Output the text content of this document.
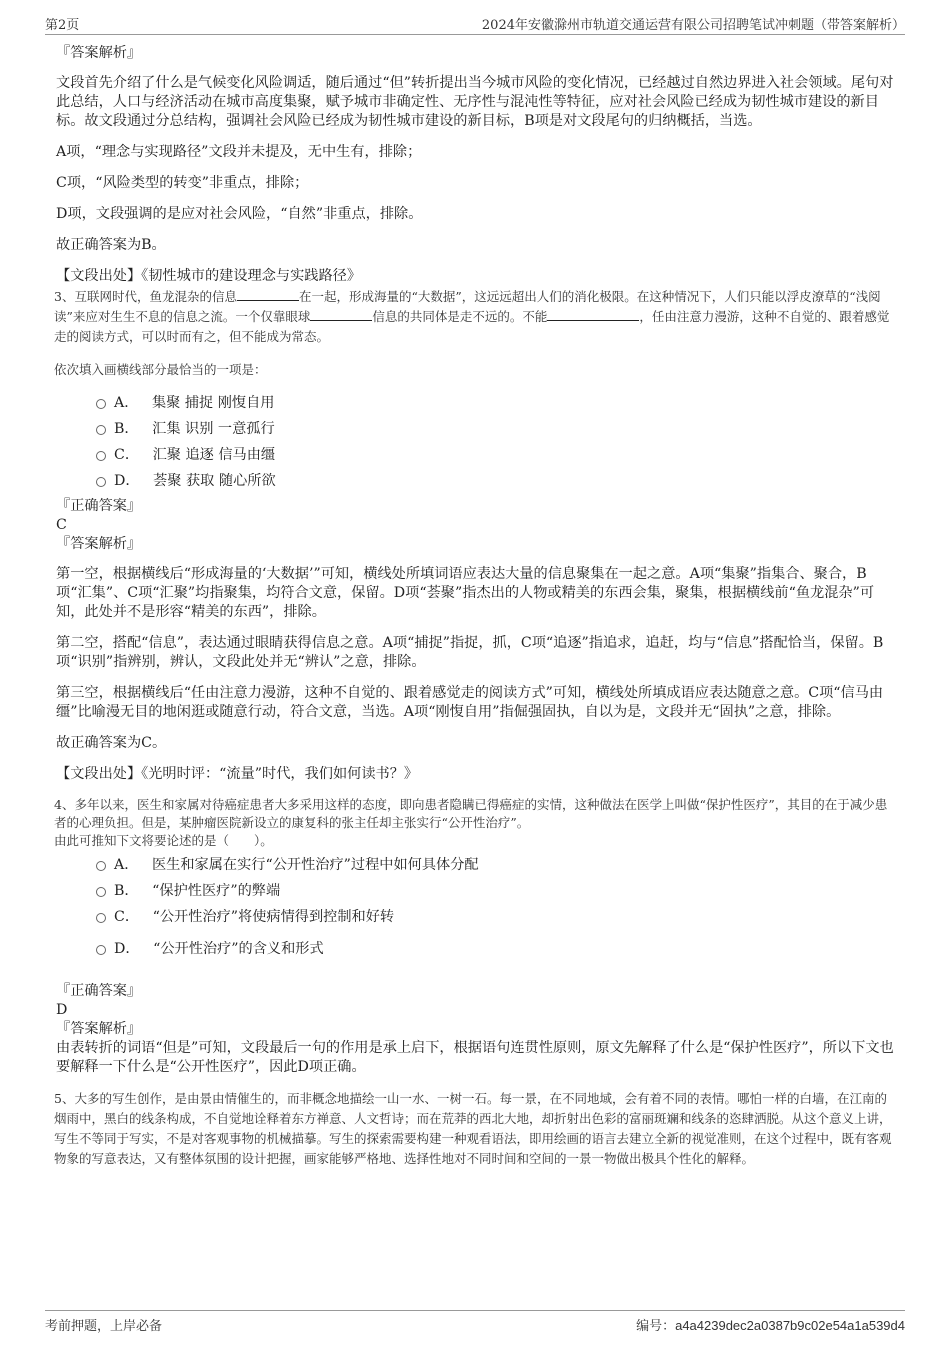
第2页	2024年安徽滁州市轨道交通运营有限公司招聘笔试冲刺题（带答案解析）
『答案解析』

文段首先介绍了什么是气候变化风险调适，随后通过“但”转折提出当今城市风险的变化情况，已经越过自然边界进入社会领域。尾句对此总结，人口与经济活动在城市高度集聚，赋予城市非确定性、无序性与混沌性等特征，应对社会风险已经成为韧性城市建设的新目标。故文段通过分总结构，强调社会风险已经成为韧性城市建设的新目标，B项是对文段尾句的归纳概括，当选。

A项，“理念与实现路径”文段并未提及，无中生有，排除；

C项，“风险类型的转变”非重点，排除；

D项，文段强调的是应对社会风险，“自然”非重点，排除。

故正确答案为B。

【文段出处】《韧性城市的建设理念与实践路径》

3、互联网时代，鱼龙混杂的信息	在一起，形成海量的“大数据”，这远远超出人们的消化极限。在这种情况下，人们只能以浮皮潦草的“浅阅读”来应对生生不息的信息之流。一个仅靠眼球	信息的共同体是走不远的。不能	，任由注意力漫游，这种不自觉的、跟着感觉走的阅读方式，可以时而有之，但不能成为常态。

依次填入画横线部分最恰当的一项是：

A． 集聚 捕捉 刚愎自用
B． 汇集 识别 一意孤行
C． 汇聚 追逐 信马由缰
D． 荟聚 获取 随心所欲
『正确答案』
C
『答案解析』

第一空，根据横线后“形成海量的‘大数据’”可知，横线处所填词语应表达大量的信息聚集在一起之意。A项“集聚”指集合、聚合，B项“汇集”、C项“汇聚”均指聚集，均符合文意，保留。D项“荟聚”指杰出的人物或精美的东西会集，聚集，根据横线前“鱼龙混杂”可知，此处并不是形容“精美的东西”，排除。

第二空，搭配“信息”，表达通过眼睛获得信息之意。A项“捕捉”指捉，抓，C项“追逐”指追求，追赶，均与“信息”搭配恰当，保留。B项“识别”指辨别，辨认，文段此处并无“辨认”之意，排除。

第三空，根据横线后“任由注意力漫游，这种不自觉的、跟着感觉走的阅读方式”可知，横线处所填成语应表达随意之意。C项“信马由缰”比喻漫无目的地闲逛或随意行动，符合文意，当选。A项“刚愎自用”指倔强固执，自以为是，文段并无“固执”之意，排除。

故正确答案为C。

【文段出处】《光明时评：“流量”时代，我们如何读书？》

4、多年以来，医生和家属对待癌症患者大多采用这样的态度，即向患者隐瞒已得癌症的实情，这种做法在医学上叫做“保护性医疗”，其目的在于减少患者的心理负担。但是，某肿瘤医院新设立的康复科的张主任却主张实行“公开性治疗”。

由此可推知下文将要论述的是（　　）。

A． 医生和家属在实行“公开性治疗”过程中如何具体分配
B． “保护性医疗”的弊端
C． “公开性治疗”将使病情得到控制和好转
D． “公开性治疗”的含义和形式
『正确答案』
D
『答案解析』

由表转折的词语“但是”可知，文段最后一句的作用是承上启下，根据语句连贯性原则，原文先解释了什么是“保护性医疗”，所以下文也要解释一下什么是“公开性医疗”，因此D项正确。

5、大多的写生创作，是由景由情催生的，而非概念地描绘一山一水、一树一石。每一景，在不同地域，会有着不同的表情。哪怕一样的白墙，在江南的烟雨中，黑白的线条构成，不自觉地诠释着东方禅意、人文哲诗；而在荒莽的西北大地，却折射出色彩的富丽斑斓和线条的恣肆洒脱。从这个意义上讲，写生不等同于写实，不是对客观事物的机械描摹。写生的探索需要构建一种观看语法，即用绘画的语言去建立全新的视觉准则，在这个过程中，既有客观物象的写意表达，又有整体氛围的设计把握，画家能够严格地、选择性地对不同时间和空间的一景一物做出极具个性化的解释。

考前押题，上岸必备	编号：a4a4239dec2a0387b9c02e54a1a539d4
